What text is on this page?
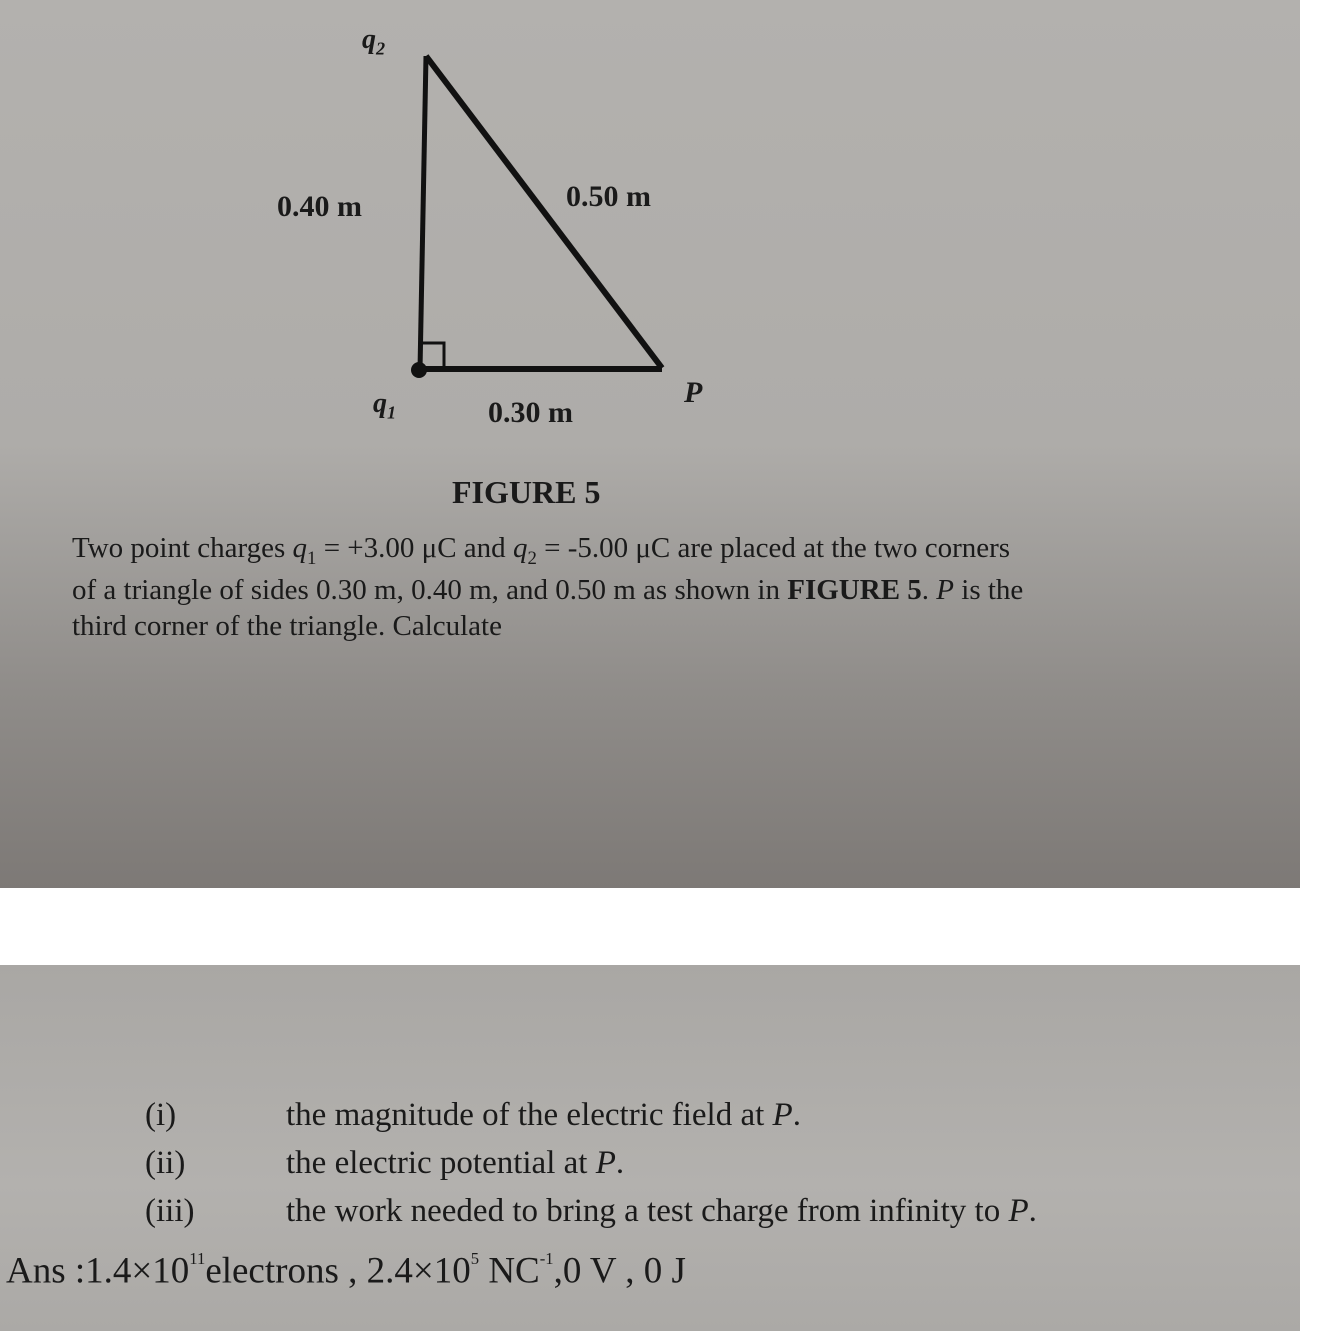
$q_2$
0.40 m	0.50 m
$q_1$	0.30 m
P
FIGURE 5
Two point charges $q_1 = +3.00$ μC and $q_2 = -5.00$ μC are placed at the two corners
of a triangle of sides 0.30 m, 0.40 m, and 0.50 m as shown in FIGURE 5. P is the
third corner of the triangle. Calculate
(i)	the magnitude of the electric field at P.
(ii)	the electric potential at P.
(iii)	the work needed to bring a test charge from infinity to P.
Ans $:1.4\times 10^{11}electrons$ , $2.4\times 10^5$ $NC^{-1},0$ V , 0 J
